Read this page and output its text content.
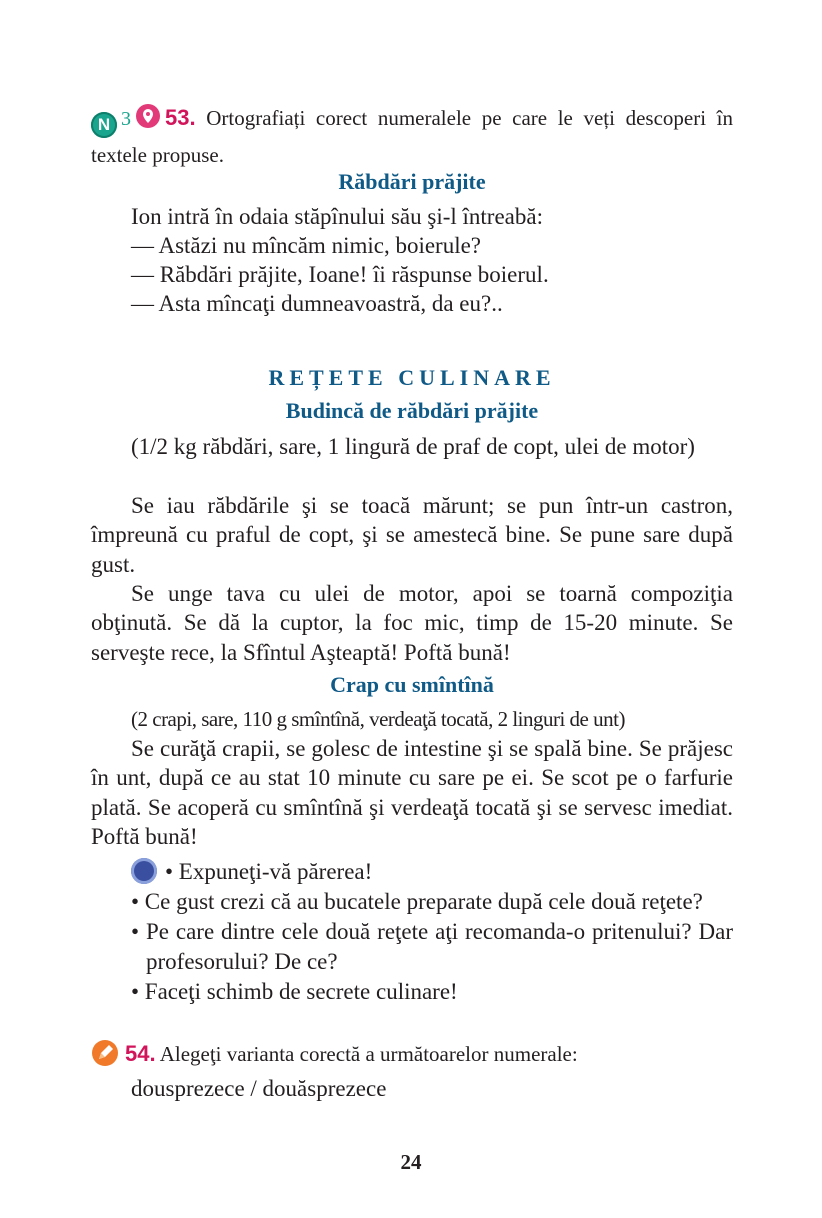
N 3 53. Ortografiați corect numeralele pe care le veți descoperi în textele propuse.
Răbdări prăjite
Ion intră în odaia stăpînului său şi-l întreabă:
— Astăzi nu mîncăm nimic, boierule?
— Răbdări prăjite, Ioane! îi răspunse boierul.
— Asta mîncaţi dumneavoastră, da eu?..
REȚETE CULINARE
Budincă de răbdări prăjite

(1/2 kg răbdări, sare, 1 lingură de praf de copt, ulei de motor)

Se iau răbdările şi se toacă mărunt; se pun într-un castron, împreună cu praful de copt, şi se amestecă bine. Se pune sare după gust.

Se unge tava cu ulei de motor, apoi se toarnă compoziţia obţinută. Se dă la cuptor, la foc mic, timp de 15-20 minute. Se serveşte rece, la Sfîntul Aşteaptă! Poftă bună!

Crap cu smîntînă
(2 crapi, sare, 110 g smîntînă, verdeaţă tocată, 2 linguri de unt)

Se curăţă crapii, se golesc de intestine şi se spală bine. Se prăjesc în unt, după ce au stat 10 minute cu sare pe ei. Se scot pe o farfurie plată. Se acoperă cu smîntînă şi verdeaţă tocată şi se servesc imediat. Poftă bună!

• Expuneţi-vă părerea!

• Ce gust crezi că au bucatele preparate după cele două reţete?

• Pe care dintre cele două reţete aţi recomanda-o pritenului? Dar profesorului? De ce?

• Faceţi schimb de secrete culinare!

54. Alegeţi varianta corectă a următoarelor numerale:
dousprezece / douăsprezece
24
